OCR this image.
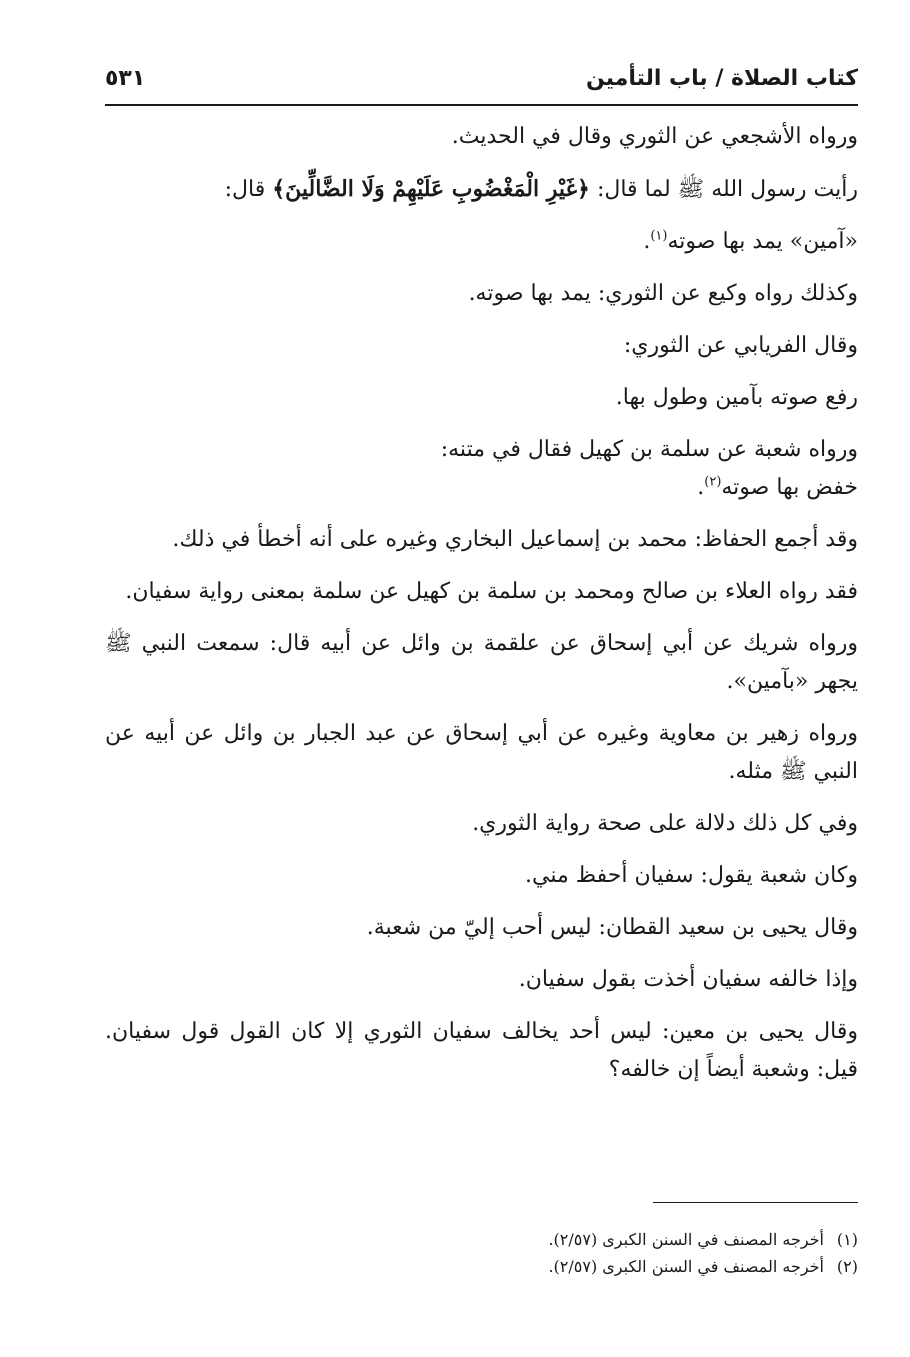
كتاب الصلاة / باب التأمين
٥٣١

ورواه الأشجعي عن الثوري وقال في الحديث.

رأيت رسول الله ﷺ لما قال: ﴿غَيْرِ الْمَغْضُوبِ عَلَيْهِمْ وَلَا الضَّالِّينَ﴾ قال:

«آمين» يمد بها صوته$^{(١)}$.

وكذلك رواه وكيع عن الثوري: يمد بها صوته.

وقال الفريابي عن الثوري:

رفع صوته بآمين وطول بها.

ورواه شعبة عن سلمة بن كهيل فقال في متنه:
خفض بها صوته$^{(٢)}$.

وقد أجمع الحفاظ: محمد بن إسماعيل البخاري وغيره على أنه أخطأ في ذلك.

فقد رواه العلاء بن صالح ومحمد بن سلمة بن كهيل عن سلمة بمعنى رواية سفيان.

ورواه شريك عن أبي إسحاق عن علقمة بن وائل عن أبيه قال: سمعت النبي ﷺ يجهر «بآمين».

ورواه زهير بن معاوية وغيره عن أبي إسحاق عن عبد الجبار بن وائل عن أبيه عن النبي ﷺ مثله.

وفي كل ذلك دلالة على صحة رواية الثوري.

وكان شعبة يقول: سفيان أحفظ مني.

وقال يحيى بن سعيد القطان: ليس أحب إليّ من شعبة.

وإذا خالفه سفيان أخذت بقول سفيان.

وقال يحيى بن معين: ليس أحد يخالف سفيان الثوري إلا كان القول قول سفيان. قيل: وشعبة أيضاً إن خالفه؟

(١)أخرجه المصنف في السنن الكبرى (٢/٥٧).

(٢)أخرجه المصنف في السنن الكبرى (٢/٥٧).
